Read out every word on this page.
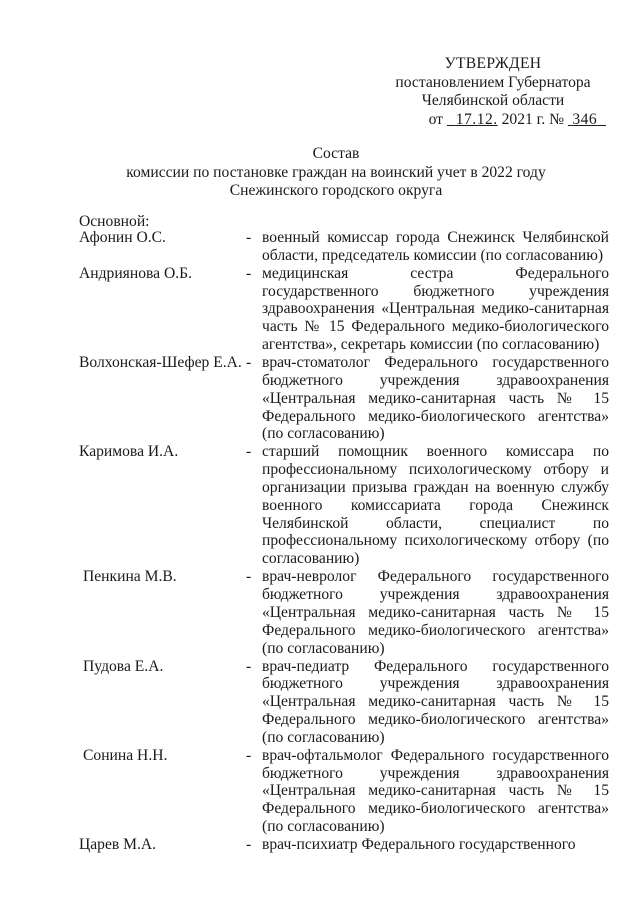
УТВЕРЖДЕН
постановлением Губернатора
Челябинской области
от 17.12. 2021 г. № 346
Состав
комиссии по постановке граждан на воинский учет в 2022 году
Снежинского городского округа
Основной:
Афонин О.С.	- военный комиссар города Снежинск Челябинской области, председатель комиссии (по согласованию)
Андриянова О.Б.	- медицинская сестра Федерального государственного бюджетного учреждения здравоохранения «Центральная медико-санитарная часть № 15 Федерального медико-биологического агентства», секретарь комиссии (по согласованию)
Волхонская-Шефер Е.А. - врач-стоматолог Федерального государственного бюджетного учреждения здравоохранения «Центральная медико-санитарная часть № 15 Федерального медико-биологического агентства» (по согласованию)
Каримова И.А.	- старший помощник военного комиссара по профессиональному психологическому отбору и организации призыва граждан на военную службу военного комиссариата города Снежинск Челябинской области, специалист по профессиональному психологическому отбору (по согласованию)
Пенкина М.В.	- врач-невролог Федерального государственного бюджетного учреждения здравоохранения «Центральная медико-санитарная часть № 15 Федерального медико-биологического агентства» (по согласованию)
Пудова Е.А.	- врач-педиатр Федерального государственного бюджетного учреждения здравоохранения «Центральная медико-санитарная часть № 15 Федерального медико-биологического агентства» (по согласованию)
Сонина Н.Н.	- врач-офтальмолог Федерального государственного бюджетного учреждения здравоохранения «Центральная медико-санитарная часть № 15 Федерального медико-биологического агентства» (по согласованию)
Царев М.А.	- врач-психиатр Федерального государственного
